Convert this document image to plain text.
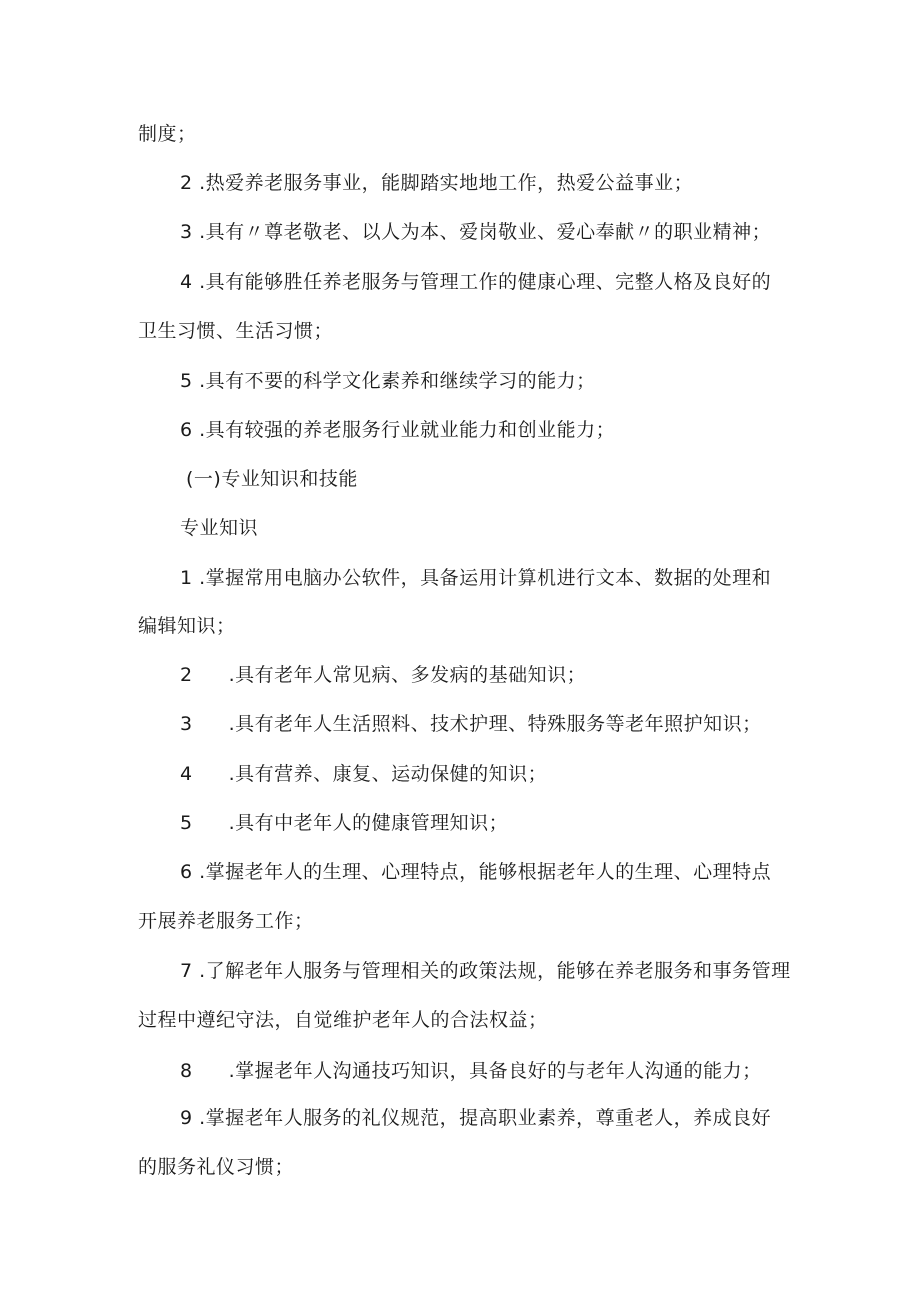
制度；
2 .热爱养老服务事业，能脚踏实地地工作，热爱公益事业；
3 .具有〃尊老敬老、以人为本、爱岗敬业、爱心奉献〃的职业精神；
4 .具有能够胜任养老服务与管理工作的健康心理、完整人格及良好的
卫生习惯、生活习惯；
5 .具有不要的科学文化素养和继续学习的能力；
6 .具有较强的养老服务行业就业能力和创业能力；
(一)专业知识和技能
专业知识
1 .掌握常用电脑办公软件，具备运用计算机进行文本、数据的处理和
编辑知识；
2 .具有老年人常见病、多发病的基础知识；
3 .具有老年人生活照料、技术护理、特殊服务等老年照护知识；
4 .具有营养、康复、运动保健的知识；
5 .具有中老年人的健康管理知识；
6 .掌握老年人的生理、心理特点，能够根据老年人的生理、心理特点
开展养老服务工作；
7 .了解老年人服务与管理相关的政策法规，能够在养老服务和事务管理
过程中遵纪守法，自觉维护老年人的合法权益；
8 .掌握老年人沟通技巧知识，具备良好的与老年人沟通的能力；
9 .掌握老年人服务的礼仪规范，提高职业素养，尊重老人，养成良好
的服务礼仪习惯；
